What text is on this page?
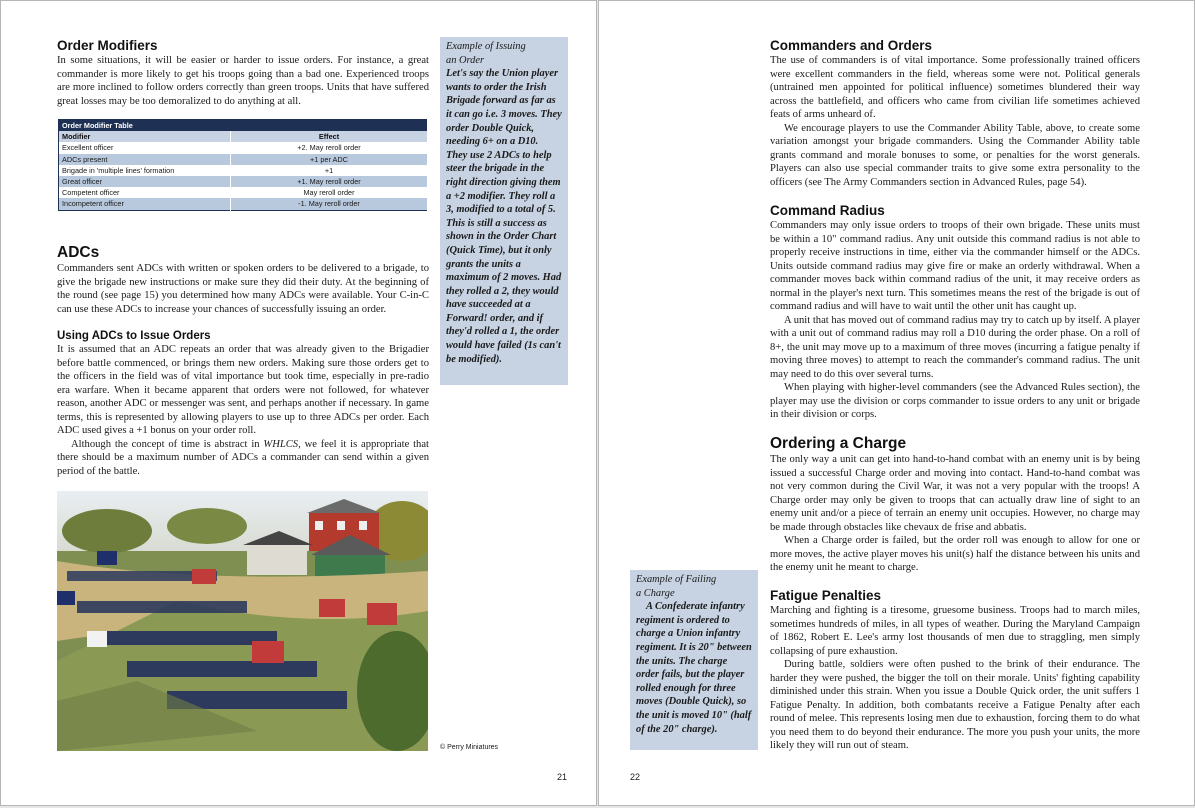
Order Modifiers

In some situations, it will be easier or harder to issue orders. For instance, a great commander is more likely to get his troops going than a bad one. Experienced troops are more inclined to follow orders correctly than green troops. Units that have suffered great losses may be too demoralized to do anything at all.

Order Modifier Table	
Modifier	Effect
Excellent officer	+2. May reroll order
ADCs present	+1 per ADC
Brigade in 'multiple lines' formation	+1
Great officer	+1. May reroll order
Competent officer	May reroll order
Incompetent officer	-1. May reroll order
ADCs

Commanders sent ADCs with written or spoken orders to be delivered to a brigade, to give the brigade new instructions or make sure they did their duty. At the beginning of the round (see page 15) you determined how many ADCs were available. Your C-in-C can use these ADCs to increase your chances of successfully issuing an order.

Using ADCs to Issue Orders

It is assumed that an ADC repeats an order that was already given to the Brigadier before battle commenced, or brings them new orders. Making sure those orders get to the officers in the field was of vital importance but took time, especially in pre-radio era warfare. When it became apparent that orders were not followed, for whatever reason, another ADC or messenger was sent, and perhaps another if necessary. In game terms, this is represented by allowing players to use up to three ADCs per order. Each ADC used gives a +1 bonus on your order roll.

Although the concept of time is abstract in WHLCS, we feel it is appropriate that there should be a maximum number of ADCs a commander can send within a given period of the battle.

Example of Issuing
an Order
Let's say the Union player wants to order the Irish Brigade forward as far as it can go i.e. 3 moves. They order Double Quick, needing 6+ on a D10. They use 2 ADCs to help steer the brigade in the right direction giving them a +2 modifier. They roll a 3, modified to a total of 5. This is still a success as shown in the Order Chart (Quick Time), but it only grants the units a maximum of 2 moves. Had they rolled a 2, they would have succeeded at a Forward! order, and if they'd rolled a 1, the order would have failed (1s can't be modified).
© Perry Miniatures
21
Commanders and Orders

The use of commanders is of vital importance. Some professionally trained officers were excellent commanders in the field, whereas some were not. Political generals (untrained men appointed for political influence) sometimes blundered their way across the battlefield, and officers who came from civilian life sometimes achieved feats of arms unheard of.

We encourage players to use the Commander Ability Table, above, to create some variation amongst your brigade commanders. Using the Commander Ability table grants command and morale bonuses to some, or penalties for the worst generals. Players can also use special commander traits to give some extra personality to the officers (see The Army Commanders section in Advanced Rules, page 54).

Command Radius

Commanders may only issue orders to troops of their own brigade. These units must be within a 10" command radius. Any unit outside this command radius is not able to properly receive instructions in time, either via the commander himself or the ADCs. Units outside command radius may give fire or make an orderly withdrawal. When a commander moves back within command radius of the unit, it may receive orders as normal in the player's next turn. This sometimes means the rest of the brigade is out of command radius and will have to wait until the other unit has caught up.

A unit that has moved out of command radius may try to catch up by itself. A player with a unit out of command radius may roll a D10 during the order phase. On a roll of 8+, the unit may move up to a maximum of three moves (incurring a fatigue penalty if moving three moves) to attempt to reach the commander's command radius. The unit may need to do this over several turns.

When playing with higher-level commanders (see the Advanced Rules section), the player may use the division or corps commander to issue orders to any unit or brigade in their division or corps.

Ordering a Charge

The only way a unit can get into hand-to-hand combat with an enemy unit is by being issued a successful Charge order and moving into contact. Hand-to-hand combat was not very common during the Civil War, it was not a very popular with the troops! A Charge order may only be given to troops that can actually draw line of sight to an enemy unit and/or a piece of terrain an enemy unit occupies. However, no charge may be made through obstacles like chevaux de frise and abbatis.

When a Charge order is failed, but the order roll was enough to allow for one or more moves, the active player moves his unit(s) half the distance between his units and the enemy unit he meant to charge.

Fatigue Penalties

Marching and fighting is a tiresome, gruesome business. Troops had to march miles, sometimes hundreds of miles, in all types of weather. During the Maryland Campaign of 1862, Robert E. Lee's army lost thousands of men due to straggling, men simply collapsing of pure exhaustion.

During battle, soldiers were often pushed to the brink of their endurance. The harder they were pushed, the bigger the toll on their morale. Units' fighting capability diminished under this strain. When you issue a Double Quick order, the unit suffers 1 Fatigue Penalty. In addition, both combatants receive a Fatigue Penalty after each round of melee. This represents losing men due to exhaustion, forcing them to do what you need them to do beyond their endurance. The more you push your units, the more likely they will run out of steam.

Example of Failing
a Charge
A Confederate infantry regiment is ordered to charge a Union infantry regiment. It is 20" between the units. The charge order fails, but the player rolled enough for three moves (Double Quick), so the unit is moved 10" (half of the 20" charge).
22
